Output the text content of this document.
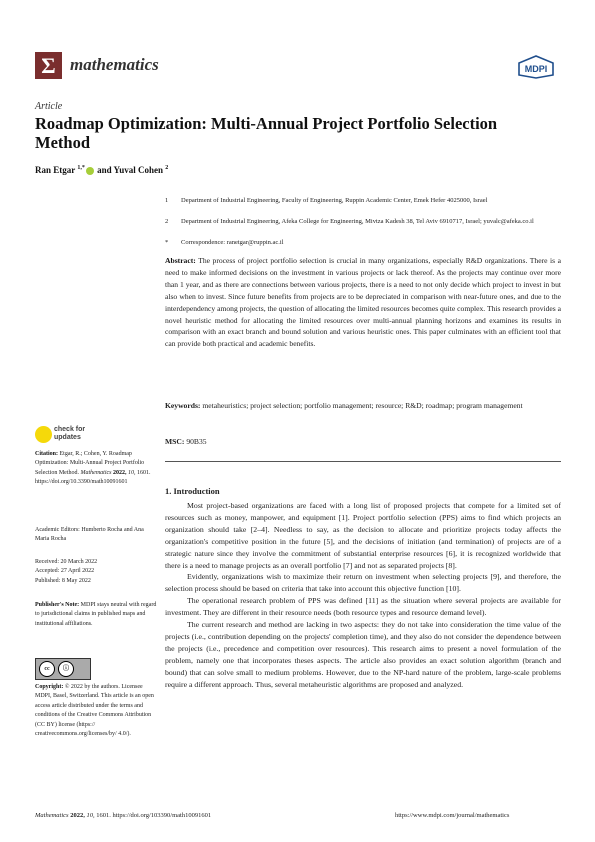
Σ mathematics	MDPI
Article
Roadmap Optimization: Multi-Annual Project Portfolio Selection Method
Ran Etgar $^{1,*}$ and Yuval Cohen $^2$
1	Department of Industrial Engineering, Faculty of Engineering, Ruppin Academic Center, Emek Hefer 4025000, Israel
2	Department of Industrial Engineering, Afeka College for Engineering, Mivtza Kadesh 38, Tel Aviv 6910717, Israel; yuvalc@afeka.co.il
*	Correspondence: ranetgar@ruppin.ac.il
Abstract: The process of project portfolio selection is crucial in many organizations, especially R&D organizations. There is a need to make informed decisions on the investment in various projects or lack thereof. As the projects may continue over more than 1 year, and as there are connections between various projects, there is a need to not only decide which project to invest in but also when to invest. Since future benefits from projects are to be depreciated in comparison with near-future ones, and due to the interdependency among projects, the question of allocating the limited resources becomes quite complex. This research provides a novel heuristic method for allocating the limited resources over multi-annual planning horizons and examines its results in comparison with an exact branch and bound solution and various heuristic ones. This paper culminates with an efficient tool that can provide both practical and academic benefits.
Keywords: metaheuristics; project selection; portfolio management; resource; R&D; roadmap; program management
MSC: 90B35
check for
updates
Citation: Etgar, R.; Cohen, Y. Roadmap Optimization: Multi-Annual Project Portfolio Selection Method. Mathematics 2022, 10, 1601. https://doi.org/10.3390/math10091601
Academic Editors: Humberto Rocha and Ana Maria Rocha
Received: 20 March 2022
Accepted: 27 April 2022
Published: 8 May 2022
Publisher's Note: MDPI stays neutral with regard to jurisdictional claims in published maps and institutional affiliations.
cc	ⓘ
Copyright: © 2022 by the authors. Licensee MDPI, Basel, Switzerland. This article is an open access article distributed under the terms and conditions of the Creative Commons Attribution (CC BY) license (https:// creativecommons.org/licenses/by/ 4.0/).
1. Introduction

Most project-based organizations are faced with a long list of proposed projects that compete for a limited set of resources such as money, manpower, and equipment [1]. Project portfolio selection (PPS) aims to find which projects an organization should take [2–4]. Needless to say, as the decision to allocate and prioritize projects today affects the organization's competitive position in the future [5], and the decisions of initiation (and termination) of projects are of a strategic nature since they involve the commitment of substantial enterprise resources [6], it is recognized worldwide that there is a need to manage projects as an overall portfolio [7] and not as separated projects [8].

Evidently, organizations wish to maximize their return on investment when selecting projects [9], and therefore, the selection process should be based on criteria that take into account this objective function [10].

The operational research problem of PPS was defined [11] as the situation where several projects are available for investment. They are different in their resource needs (both resource types and resource demand level).

The current research and method are lacking in two aspects: they do not take into consideration the time value of the projects (i.e., contribution depending on the projects' completion time), and they also do not consider the dependence between the projects (i.e., precedence and competition over resources). This research aims to present a novel formulation of the problem, namely one that incorporates theses aspects. The article also provides an exact solution algorithm (branch and bound) that can solve small to medium problems. However, due to the NP-hard nature of the problem, large-scale problems require a different approach. Thus, several metaheuristic algorithms are proposed and analyzed.

Mathematics 2022, 10, 1601. https://doi.org/103390/math10091601	https://www.mdpi.com/journal/mathematics
